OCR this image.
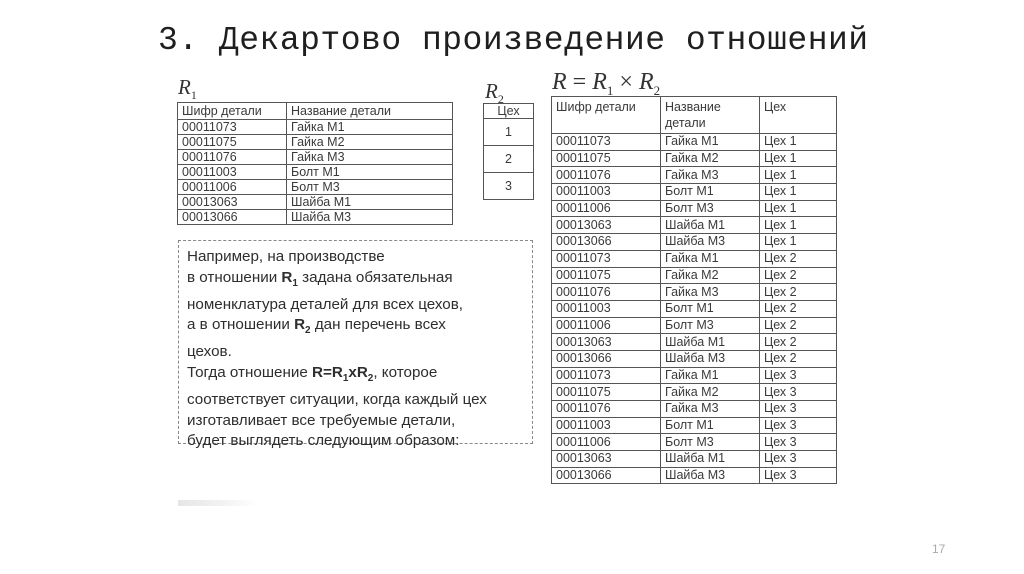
3. Декартово произведение отношений
$R_1$
Шифр детали	Название детали
00011073	Гайка М1
00011075	Гайка М2
00011076	Гайка М3
00011003	Болт М1
00011006	Болт М3
00013063	Шайба М1
00013066	Шайба М3
$R_2$
Цех
1
2
3
$R = R_1 \times R_2$
Шифр детали	Название детали	Цех
00011073	Гайка М1	Цех 1
00011075	Гайка М2	Цех 1
00011076	Гайка М3	Цех 1
00011003	Болт М1	Цех 1
00011006	Болт М3	Цех 1
00013063	Шайба М1	Цех 1
00013066	Шайба М3	Цех 1
00011073	Гайка М1	Цех 2
00011075	Гайка М2	Цех 2
00011076	Гайка М3	Цех 2
00011003	Болт М1	Цех 2
00011006	Болт М3	Цех 2
00013063	Шайба М1	Цех 2
00013066	Шайба М3	Цех 2
00011073	Гайка М1	Цех 3
00011075	Гайка М2	Цех 3
00011076	Гайка М3	Цех 3
00011003	Болт М1	Цех 3
00011006	Болт М3	Цех 3
00013063	Шайба М1	Цех 3
00013066	Шайба М3	Цех 3
Например, на производстве
в отношении $R_1$ задана обязательная
номенклатура деталей для всех цехов,
а в отношении $R_2$ дан перечень всех
цехов.
Тогда отношение $R=R_1xR_2$, которое
соответствует ситуации, когда каждый цех
изготавливает все требуемые детали,
будет выглядеть следующим образом:
17
